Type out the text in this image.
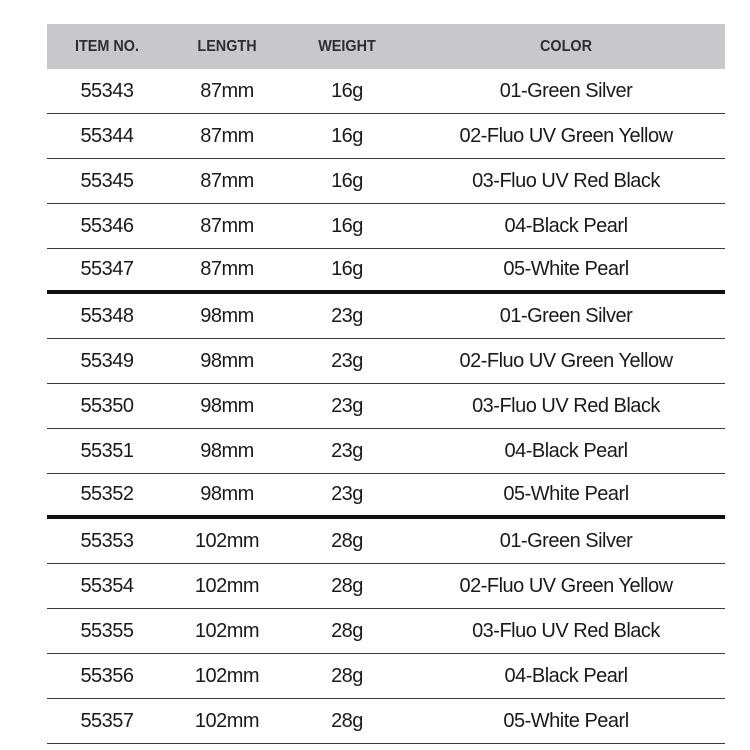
ITEM NO.	LENGTH	WEIGHT	COLOR
55343	87mm	16g	01-Green Silver
55344	87mm	16g	02-Fluo UV Green Yellow
55345	87mm	16g	03-Fluo UV Red Black
55346	87mm	16g	04-Black Pearl
55347	87mm	16g	05-White Pearl
55348	98mm	23g	01-Green Silver
55349	98mm	23g	02-Fluo UV Green Yellow
55350	98mm	23g	03-Fluo UV Red Black
55351	98mm	23g	04-Black Pearl
55352	98mm	23g	05-White Pearl
55353	102mm	28g	01-Green Silver
55354	102mm	28g	02-Fluo UV Green Yellow
55355	102mm	28g	03-Fluo UV Red Black
55356	102mm	28g	04-Black Pearl
55357	102mm	28g	05-White Pearl
